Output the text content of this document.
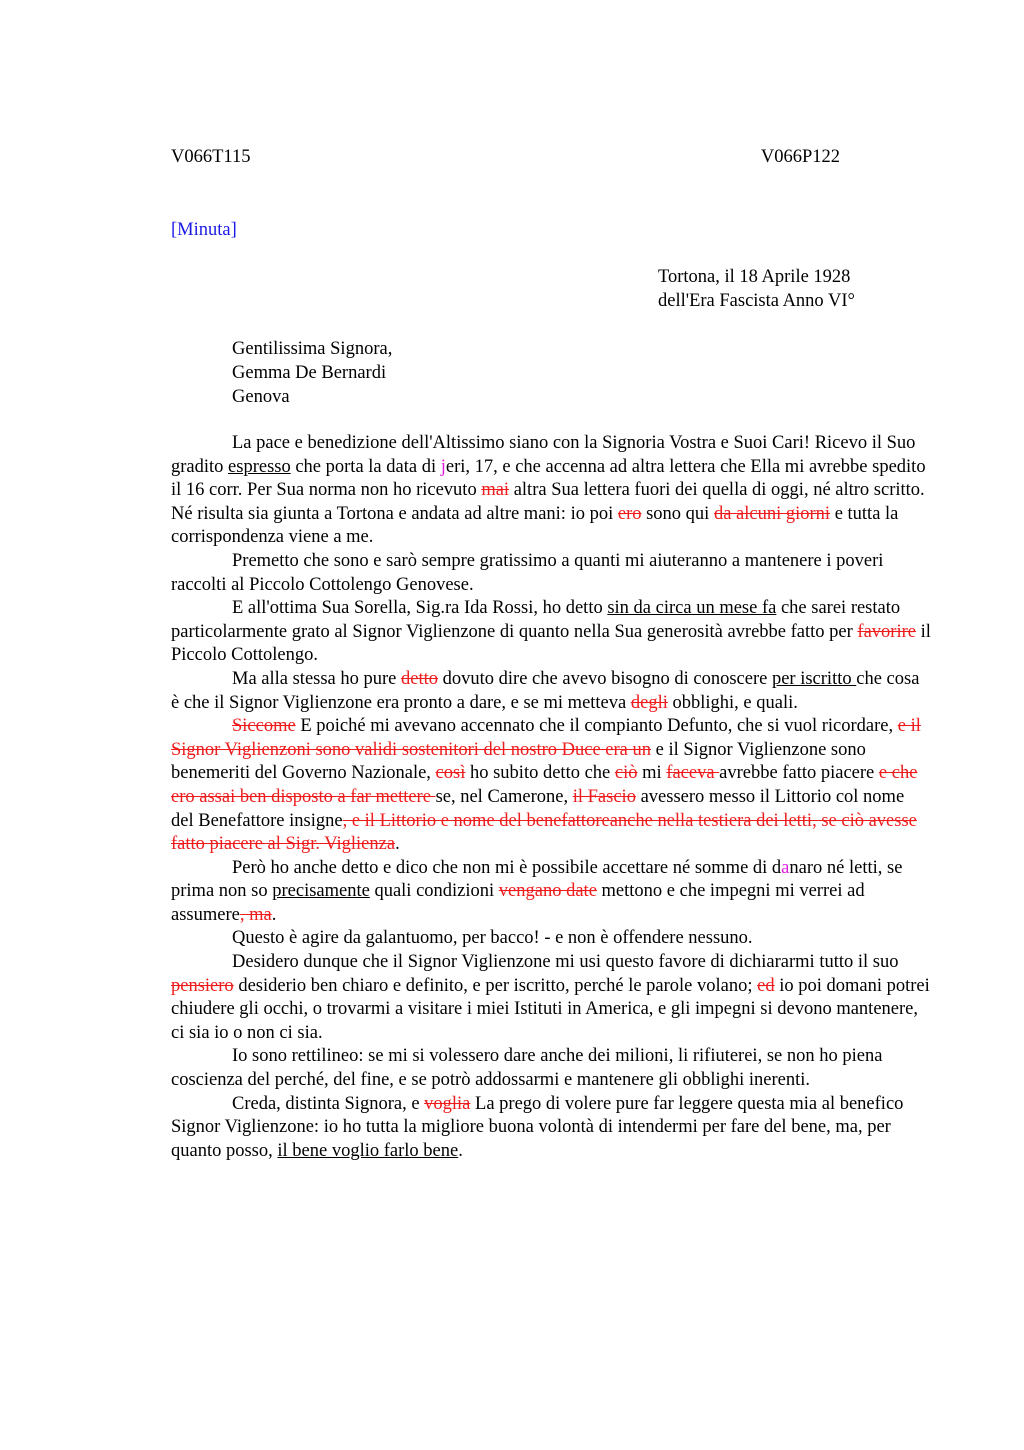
V066T115	V066P122
[Minuta]
Tortona, il 18 Aprile 1928
dell'Era Fascista Anno VI°
Gentilissima Signora,
Gemma De Bernardi
Genova

La pace e benedizione dell'Altissimo siano con la Signoria Vostra e Suoi Cari! Ricevo il Suo gradito espresso che porta la data di jeri, 17, e che accenna ad altra lettera che Ella mi avrebbe spedito il 16 corr. Per Sua norma non ho ricevuto mai altra Sua lettera fuori dei quella di oggi, né altro scritto. Né risulta sia giunta a Tortona e andata ad altre mani: io poi ero sono qui da alcuni giorni e tutta la corrispondenza viene a me.

Premetto che sono e sarò sempre gratissimo a quanti mi aiuteranno a mantenere i poveri raccolti al Piccolo Cottolengo Genovese.

E all'ottima Sua Sorella, Sig.ra Ida Rossi, ho detto sin da circa un mese fa che sarei restato particolarmente grato al Signor Viglienzone di quanto nella Sua generosità avrebbe fatto per favorire il Piccolo Cottolengo.

Ma alla stessa ho pure detto dovuto dire che avevo bisogno di conoscere per iscritto che cosa è che il Signor Viglienzone era pronto a dare, e se mi metteva degli obblighi, e quali.

Siccome E poiché mi avevano accennato che il compianto Defunto, che si vuol ricordare, e il Signor Viglienzoni sono validi sostenitori del nostro Duce era un e il Signor Viglienzone sono benemeriti del Governo Nazionale, così ho subito detto che ciò mi faceva avrebbe fatto piacere e che ero assai ben disposto a far mettere se, nel Camerone, il Fascio avessero messo il Littorio col nome del Benefattore insigne, e il Littorio e nome del benefattoreanche nella testiera dei letti, se ciò avesse fatto piacere al Sigr. Viglienza.

Però ho anche detto e dico che non mi è possibile accettare né somme di danaro né letti, se prima non so precisamente quali condizioni vengano date mettono e che impegni mi verrei ad assumere, ma.

Questo è agire da galantuomo, per bacco! - e non è offendere nessuno.

Desidero dunque che il Signor Viglienzone mi usi questo favore di dichiararmi tutto il suo pensiero desiderio ben chiaro e definito, e per iscritto, perché le parole volano; ed io poi domani potrei chiudere gli occhi, o trovarmi a visitare i miei Istituti in America, e gli impegni si devono mantenere, ci sia io o non ci sia.

Io sono rettilineo: se mi si volessero dare anche dei milioni, li rifiuterei, se non ho piena coscienza del perché, del fine, e se potrò addossarmi e mantenere gli obblighi inerenti.

Creda, distinta Signora, e voglia La prego di volere pure far leggere questa mia al benefico Signor Viglienzone: io ho tutta la migliore buona volontà di intendermi per fare del bene, ma, per quanto posso, il bene voglio farlo bene.
